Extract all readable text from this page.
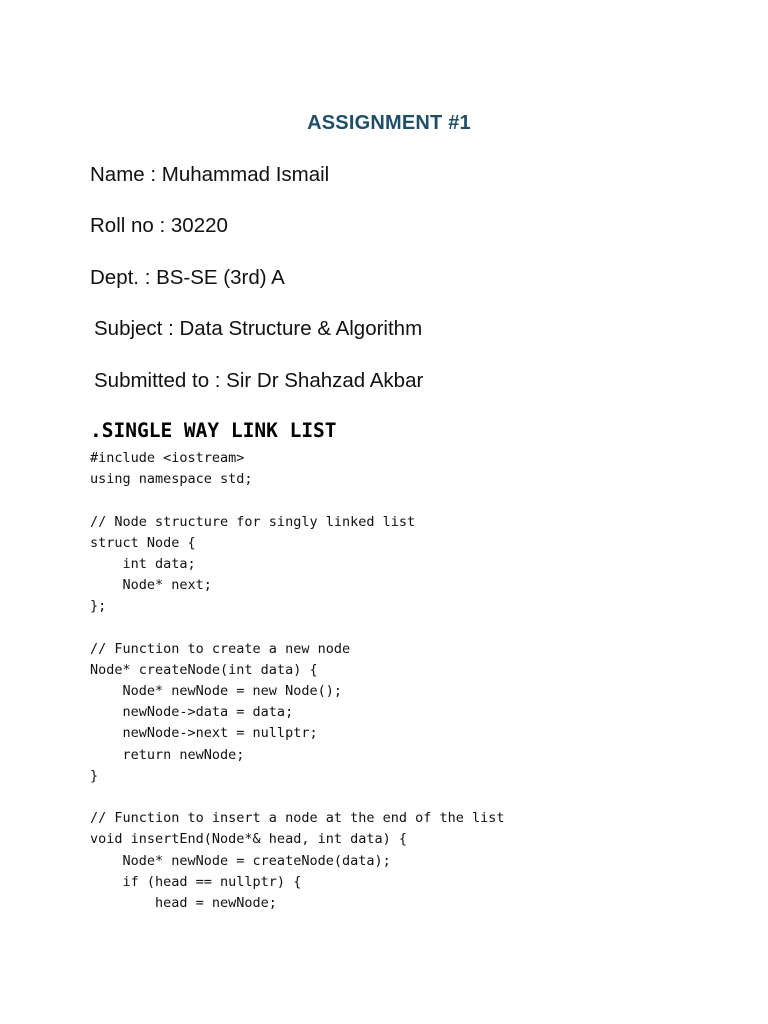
ASSIGNMENT #1
Name : Muhammad Ismail
Roll no : 30220
Dept. : BS-SE (3rd) A
Subject : Data Structure & Algorithm
Submitted to : Sir Dr Shahzad Akbar
.SINGLE WAY LINK LIST
#include <iostream>
using namespace std;
// Node structure for singly linked list
struct Node {
int data;
Node* next;
};
// Function to create a new node
Node* createNode(int data) {
Node* newNode = new Node();
newNode->data = data;
newNode->next = nullptr;
return newNode;
}
// Function to insert a node at the end of the list
void insertEnd(Node*& head, int data) {
Node* newNode = createNode(data);
if (head == nullptr) {
head = newNode;
